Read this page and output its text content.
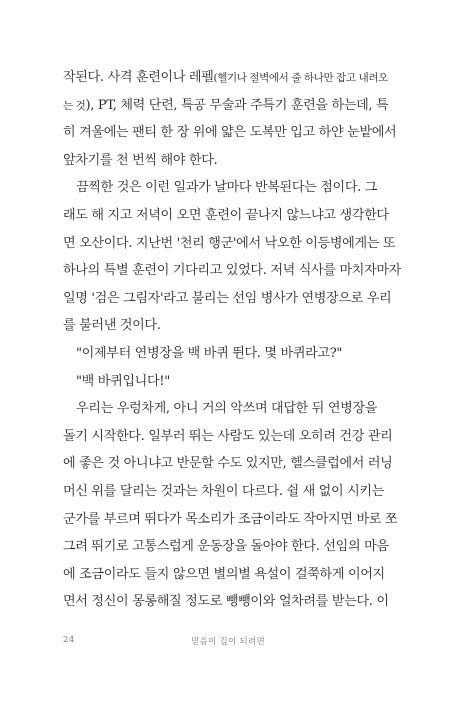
작된다. 사격 훈련이나 레펠(헬기나 절벽에서 줄 하나만 잡고 내려오
는 것), PT, 체력 단련, 특공 무술과 주특기 훈련을 하는데, 특
히 겨울에는 팬티 한 장 위에 얇은 도복만 입고 하얀 눈밭에서
앞차기를 천 번씩 해야 한다.
끔찍한 것은 이런 일과가 날마다 반복된다는 점이다. 그
래도 해 지고 저녁이 오면 훈련이 끝나지 않느냐고 생각한다
면 오산이다. 지난번 '천리 행군'에서 낙오한 이등병에게는 또
하나의 특별 훈련이 기다리고 있었다. 저녁 식사를 마치자마자
일명 '검은 그림자'라고 불리는 선임 병사가 연병장으로 우리
를 불러낸 것이다.
"이제부터 연병장을 백 바퀴 뛴다. 몇 바퀴라고?"
"백 바퀴입니다!"
우리는 우렁차게, 아니 거의 악쓰며 대답한 뒤 연병장을
돌기 시작한다. 일부러 뛰는 사람도 있는데 오히려 건강 관리
에 좋은 것 아니냐고 반문할 수도 있지만, 헬스클럽에서 러닝
머신 위를 달리는 것과는 차원이 다르다. 쉴 새 없이 시키는
군가를 부르며 뛰다가 목소리가 조금이라도 작아지면 바로 쪼
그려 뛰기로 고통스럽게 운동장을 돌아야 한다. 선임의 마음
에 조금이라도 들지 않으면 별의별 욕설이 걸쭉하게 이어지
면서 정신이 몽롱해질 정도로 뺑뺑이와 얼차려를 받는다. 이
24	믿음이 깊이 되려면
